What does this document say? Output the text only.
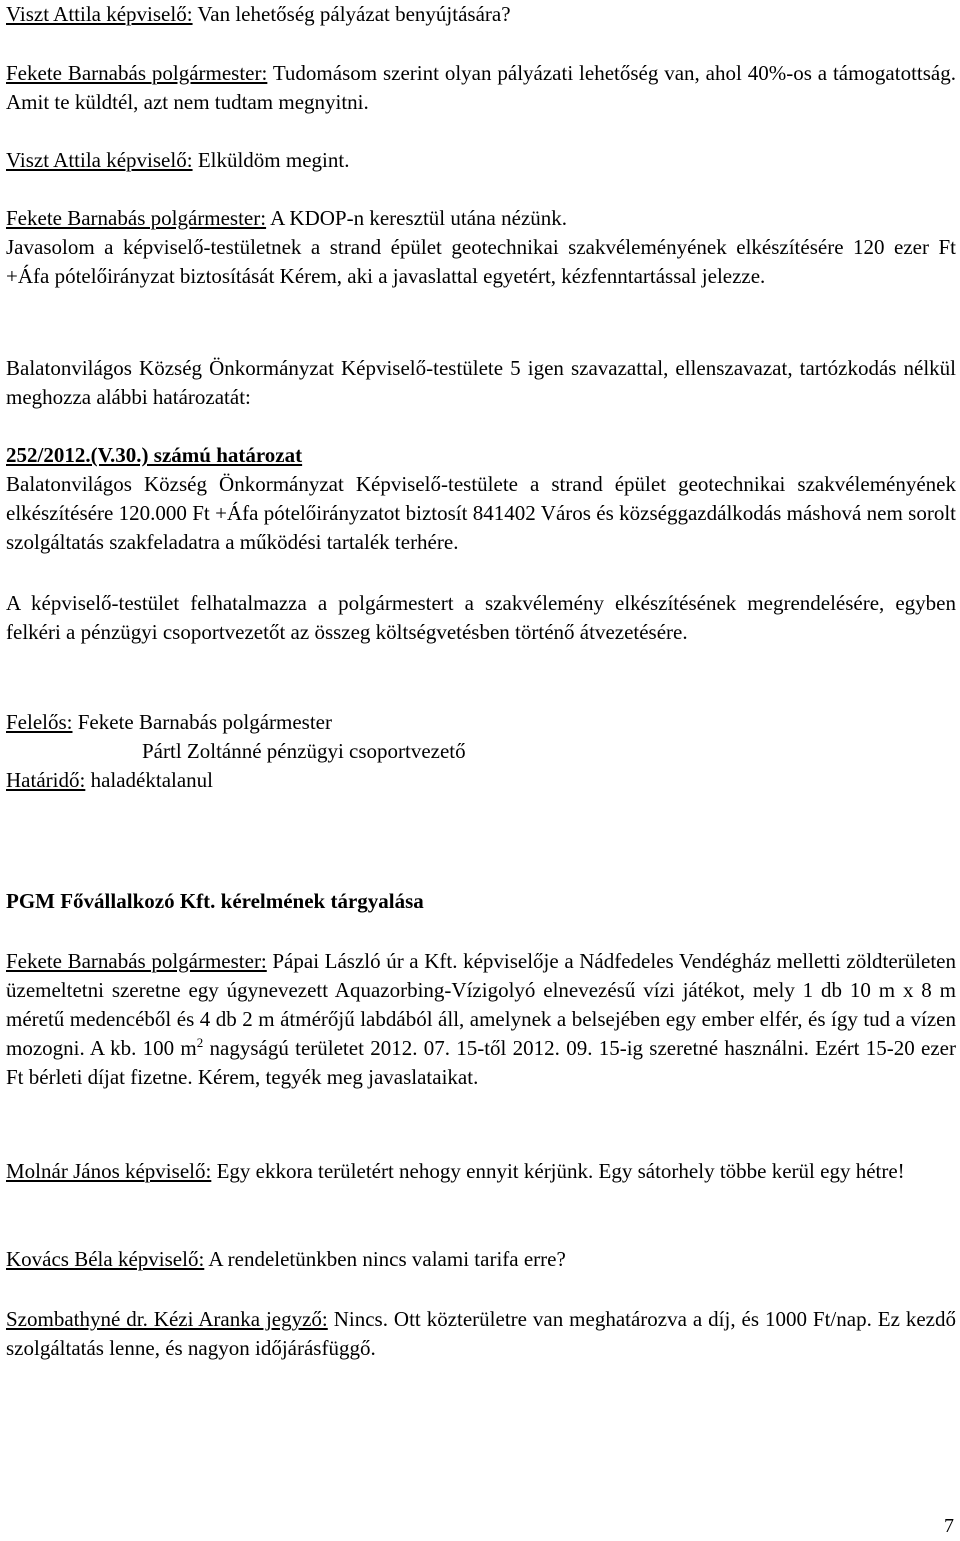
Viszt Attila képviselő: Van lehetőség pályázat benyújtására?

Fekete Barnabás polgármester: Tudomásom szerint olyan pályázati lehetőség van, ahol 40%-os a támogatottság. Amit te küldtél, azt nem tudtam megnyitni.

Viszt Attila képviselő: Elküldöm megint.

Fekete Barnabás polgármester: A KDOP-n keresztül utána nézünk.

Javasolom a képviselő-testületnek a strand épület geotechnikai szakvéleményének elkészítésére 120 ezer Ft +Áfa pótelőirányzat biztosítását Kérem, aki a javaslattal egyetért, kézfenntartással jelezze.

Balatonvilágos Község Önkormányzat Képviselő-testülete 5 igen szavazattal, ellenszavazat, tartózkodás nélkül meghozza alábbi határozatát:

252/2012.(V.30.) számú határozat

Balatonvilágos Község Önkormányzat Képviselő-testülete a strand épület geotechnikai szakvéleményének elkészítésére 120.000 Ft +Áfa pótelőirányzatot biztosít 841402 Város és községgazdálkodás máshová nem sorolt szolgáltatás szakfeladatra a működési tartalék terhére.

A képviselő-testület felhatalmazza a polgármestert a szakvélemény elkészítésének megrendelésére, egyben felkéri a pénzügyi csoportvezetőt az összeg költségvetésben történő átvezetésére.

Felelős: Fekete Barnabás polgármester

Pártl Zoltánné pénzügyi csoportvezető

Határidő: haladéktalanul

PGM Fővállalkozó Kft. kérelmének tárgyalása

Fekete Barnabás polgármester: Pápai László úr a Kft. képviselője a Nádfedeles Vendégház melletti zöldterületen üzemeltetni szeretne egy úgynevezett Aquazorbing-Vízigolyó elnevezésű vízi játékot, mely 1 db 10 m x 8 m méretű medencéből és 4 db 2 m átmérőjű labdából áll, amelynek a belsejében egy ember elfér, és így tud a vízen mozogni. A kb. 100 $m^2$ nagyságú területet 2012. 07. 15-től 2012. 09. 15-ig szeretné használni. Ezért 15-20 ezer Ft bérleti díjat fizetne. Kérem, tegyék meg javaslataikat.

Molnár János képviselő: Egy ekkora területért nehogy ennyit kérjünk. Egy sátorhely többe kerül egy hétre!

Kovács Béla képviselő: A rendeletünkben nincs valami tarifa erre?

Szombathyné dr. Kézi Aranka jegyző: Nincs. Ott közterületre van meghatározva a díj, és 1000 Ft/nap. Ez kezdő szolgáltatás lenne, és nagyon időjárásfüggő.

7
